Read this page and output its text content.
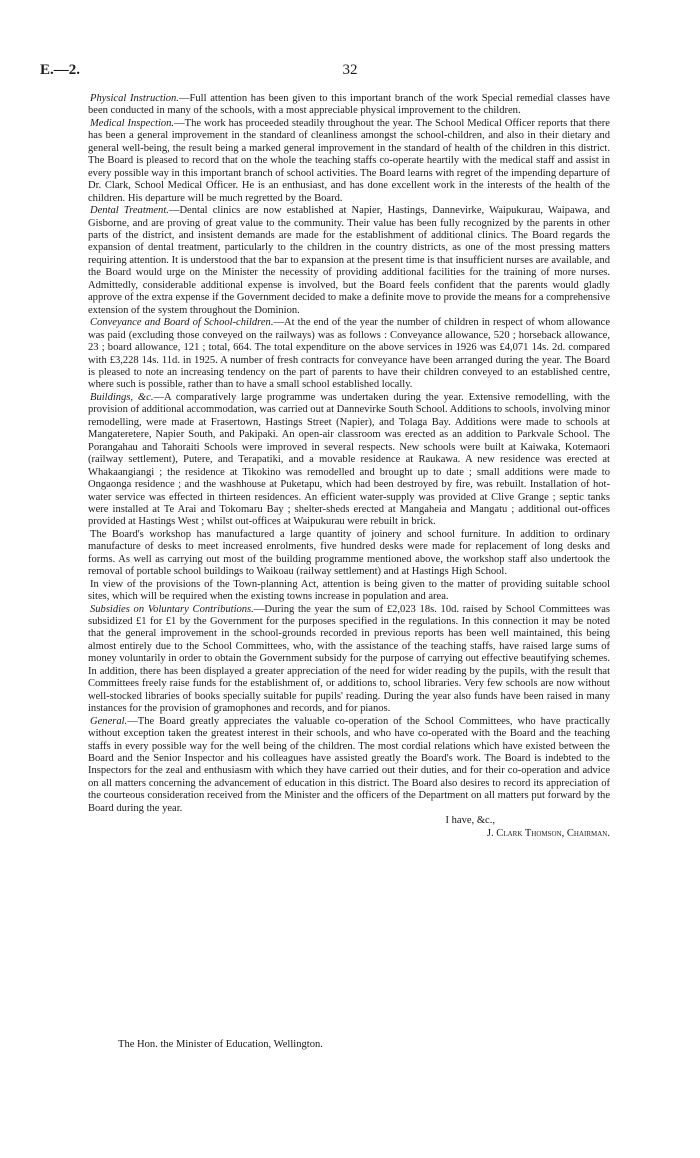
E.—2.	32

Physical Instruction.—Full attention has been given to this important branch of the work Special remedial classes have been conducted in many of the schools, with a most appreciable physical improvement to the children.

Medical Inspection.—The work has proceeded steadily throughout the year. The School Medical Officer reports that there has been a general improvement in the standard of cleanliness amongst the school-children, and also in their dietary and general well-being, the result being a marked general improvement in the standard of health of the children in this district. The Board is pleased to record that on the whole the teaching staffs co-operate heartily with the medical staff and assist in every possible way in this important branch of school activities. The Board learns with regret of the impending departure of Dr. Clark, School Medical Officer. He is an enthusiast, and has done excellent work in the interests of the health of the children. His departure will be much regretted by the Board.

Dental Treatment.—Dental clinics are now established at Napier, Hastings, Dannevirke, Waipukurau, Waipawa, and Gisborne, and are proving of great value to the community. Their value has been fully recognized by the parents in other parts of the district, and insistent demands are made for the establishment of additional clinics. The Board regards the expansion of dental treatment, particularly to the children in the country districts, as one of the most pressing matters requiring attention. It is understood that the bar to expansion at the present time is that insufficient nurses are available, and the Board would urge on the Minister the necessity of providing additional facilities for the training of more nurses. Admittedly, considerable additional expense is involved, but the Board feels confident that the parents would gladly approve of the extra expense if the Government decided to make a definite move to provide the means for a comprehensive extension of the system throughout the Dominion.

Conveyance and Board of School-children.—At the end of the year the number of children in respect of whom allowance was paid (excluding those conveyed on the railways) was as follows : Conveyance allowance, 520 ; horseback allowance, 23 ; board allowance, 121 ; total, 664. The total expenditure on the above services in 1926 was £4,071 14s. 2d. compared with £3,228 14s. 11d. in 1925. A number of fresh contracts for conveyance have been arranged during the year. The Board is pleased to note an increasing tendency on the part of parents to have their children conveyed to an established centre, where such is possible, rather than to have a small school established locally.

Buildings, &c.—A comparatively large programme was undertaken during the year. Extensive remodelling, with the provision of additional accommodation, was carried out at Dannevirke South School. Additions to schools, involving minor remodelling, were made at Frasertown, Hastings Street (Napier), and Tolaga Bay. Additions were made to schools at Mangateretere, Napier South, and Pakipaki. An open-air classroom was erected as an addition to Parkvale School. The Porangahau and Tahoraiti Schools were improved in several respects. New schools were built at Kaiwaka, Kotemaori (railway settlement), Putere, and Terapatiki, and a movable residence at Raukawa. A new residence was erected at Whakaangiangi ; the residence at Tikokino was remodelled and brought up to date ; small additions were made to Ongaonga residence ; and the washhouse at Puketapu, which had been destroyed by fire, was rebuilt. Installation of hot-water service was effected in thirteen residences. An efficient water-supply was provided at Clive Grange ; septic tanks were installed at Te Arai and Tokomaru Bay ; shelter-sheds erected at Mangaheia and Mangatu ; additional out-offices provided at Hastings West ; whilst out-offices at Waipukurau were rebuilt in brick.

The Board's workshop has manufactured a large quantity of joinery and school furniture. In addition to ordinary manufacture of desks to meet increased enrolments, five hundred desks were made for replacement of long desks and forms. As well as carrying out most of the building programme mentioned above, the workshop staff also undertook the removal of portable school buildings to Waikoau (railway settlement) and at Hastings High School.

In view of the provisions of the Town-planning Act, attention is being given to the matter of providing suitable school sites, which will be required when the existing towns increase in population and area.

Subsidies on Voluntary Contributions.—During the year the sum of £2,023 18s. 10d. raised by School Committees was subsidized £1 for £1 by the Government for the purposes specified in the regulations. In this connection it may be noted that the general improvement in the school-grounds recorded in previous reports has been well maintained, this being almost entirely due to the School Committees, who, with the assistance of the teaching staffs, have raised large sums of money voluntarily in order to obtain the Government subsidy for the purpose of carrying out effective beautifying schemes. In addition, there has been displayed a greater appreciation of the need for wider reading by the pupils, with the result that Committees freely raise funds for the establishment of, or additions to, school libraries. Very few schools are now without well-stocked libraries of books specially suitable for pupils' reading. During the year also funds have been raised in many instances for the provision of gramophones and records, and for pianos.

General.—The Board greatly appreciates the valuable co-operation of the School Committees, who have practically without exception taken the greatest interest in their schools, and who have co-operated with the Board and the teaching staffs in every possible way for the well being of the children. The most cordial relations which have existed between the Board and the Senior Inspector and his colleagues have assisted greatly the Board's work. The Board is indebted to the Inspectors for the zeal and enthusiasm with which they have carried out their duties, and for their co-operation and advice on all matters concerning the advancement of education in this district. The Board also desires to record its appreciation of the courteous consideration received from the Minister and the officers of the Department on all matters put forward by the Board during the year.

I have, &c.,

J. Clark Thomson, Chairman.

The Hon. the Minister of Education, Wellington.
